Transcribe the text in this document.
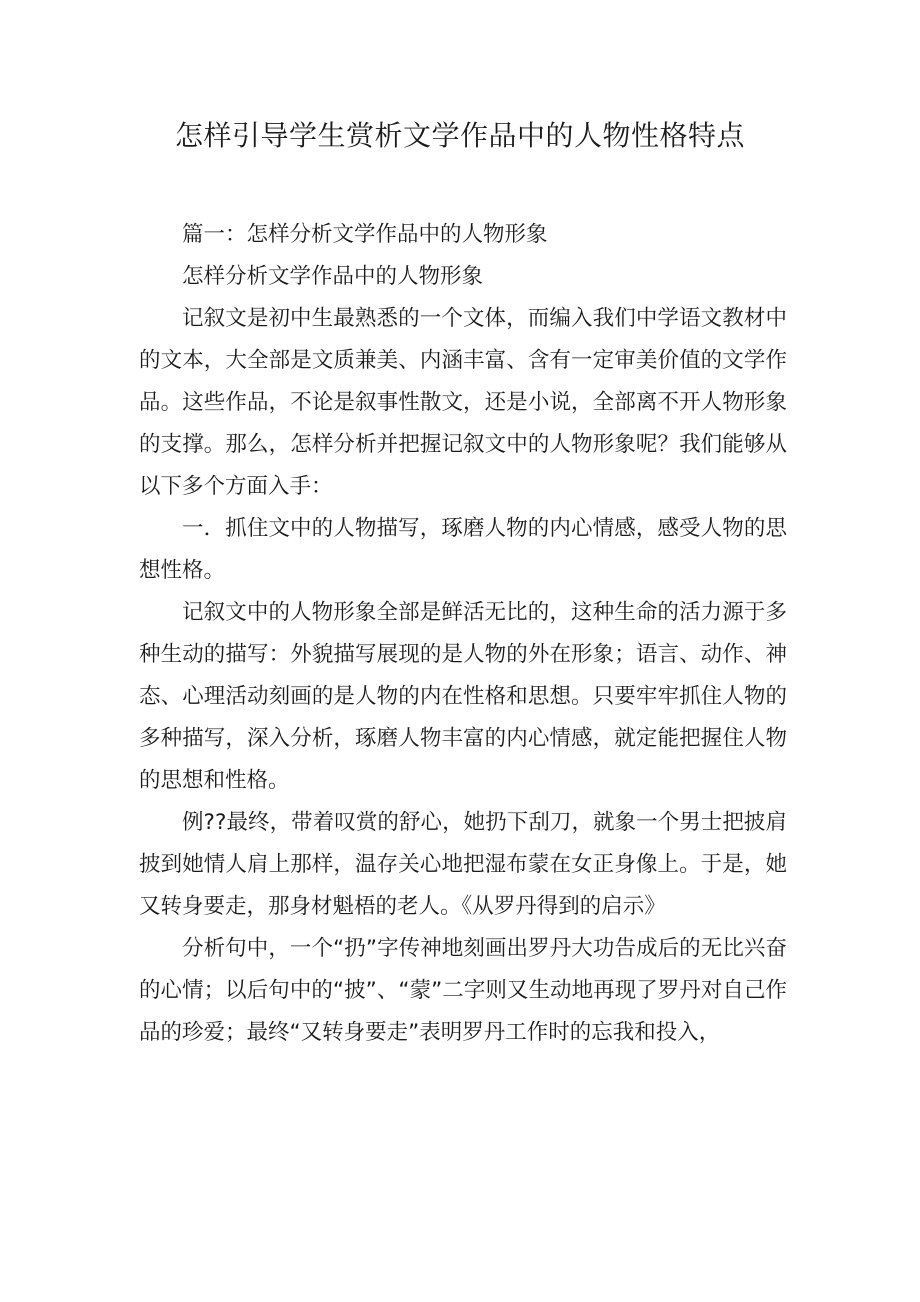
怎样引导学生赏析文学作品中的人物性格特点

篇一：怎样分析文学作品中的人物形象

怎样分析文学作品中的人物形象

记叙文是初中生最熟悉的一个文体，而编入我们中学语文教材中的文本，大全部是文质兼美、内涵丰富、含有一定审美价值的文学作品。这些作品，不论是叙事性散文，还是小说，全部离不开人物形象的支撑。那么，怎样分析并把握记叙文中的人物形象呢？我们能够从以下多个方面入手：

一．抓住文中的人物描写，琢磨人物的内心情感，感受人物的思想性格。

记叙文中的人物形象全部是鲜活无比的，这种生命的活力源于多种生动的描写：外貌描写展现的是人物的外在形象；语言、动作、神态、心理活动刻画的是人物的内在性格和思想。只要牢牢抓住人物的多种描写，深入分析，琢磨人物丰富的内心情感，就定能把握住人物的思想和性格。

例??最终，带着叹赏的舒心，她扔下刮刀，就象一个男士把披肩披到她情人肩上那样，温存关心地把湿布蒙在女正身像上。于是，她又转身要走，那身材魁梧的老人。《从罗丹得到的启示》

分析句中，一个“扔”字传神地刻画出罗丹大功告成后的无比兴奋的心情；以后句中的“披”、“蒙”二字则又生动地再现了罗丹对自己作品的珍爱；最终“又转身要走”表明罗丹工作时的忘我和投入，
